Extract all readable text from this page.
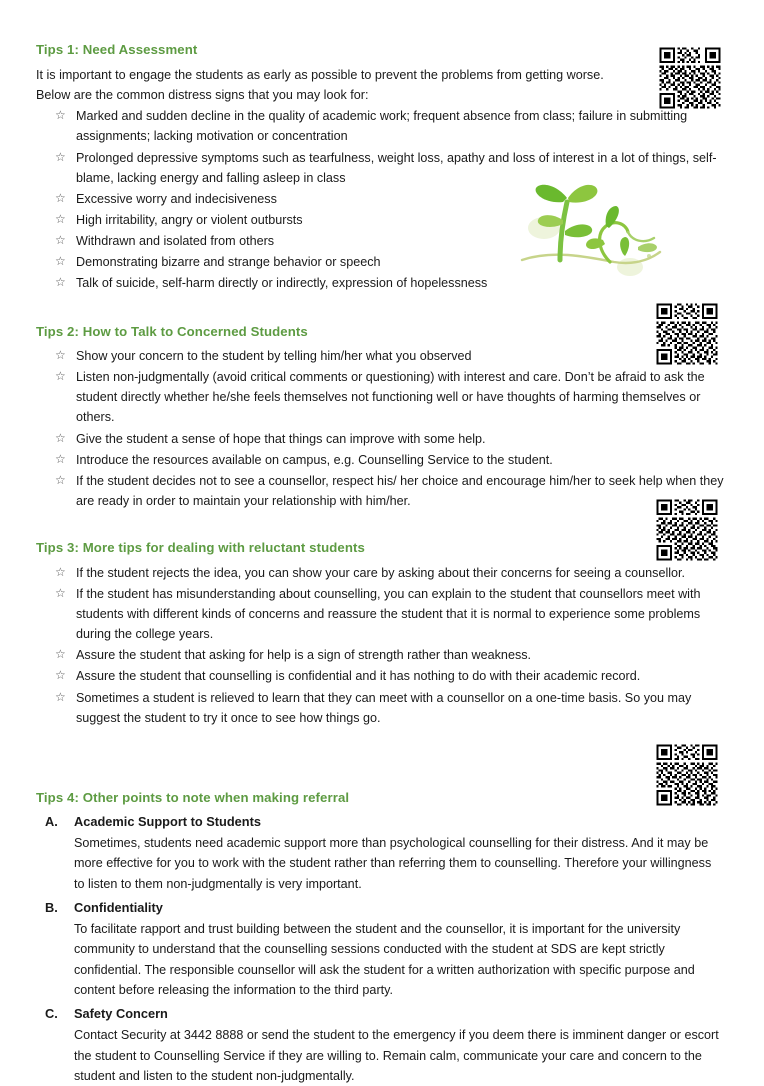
Tips 1: Need Assessment

It is important to engage the students as early as possible to prevent the problems from getting worse.

Below are the common distress signs that you may look for:

☆ Marked and sudden decline in the quality of academic work; frequent absence from class; failure in submitting assignments; lacking motivation or concentration
☆ Prolonged depressive symptoms such as tearfulness, weight loss, apathy and loss of interest in a lot of things, self-blame, lacking energy and falling asleep in class
☆ Excessive worry and indecisiveness
☆ High irritability, angry or violent outbursts
☆ Withdrawn and isolated from others
☆ Demonstrating bizarre and strange behavior or speech
☆ Talk of suicide, self-harm directly or indirectly, expression of hopelessness
Tips 2: How to Talk to Concerned Students
☆ Show your concern to the student by telling him/her what you observed
☆ Listen non-judgmentally (avoid critical comments or questioning) with interest and care. Don’t be afraid to ask the student directly whether he/she feels themselves not functioning well or have thoughts of harming themselves or others.
☆ Give the student a sense of hope that things can improve with some help.
☆ Introduce the resources available on campus, e.g. Counselling Service to the student.
☆ If the student decides not to see a counsellor, respect his/ her choice and encourage him/her to seek help when they are ready in order to maintain your relationship with him/her.
Tips 3: More tips for dealing with reluctant students
☆ If the student rejects the idea, you can show your care by asking about their concerns for seeing a counsellor.
☆ If the student has misunderstanding about counselling, you can explain to the student that counsellors meet with students with different kinds of concerns and reassure the student that it is normal to experience some problems during the college years.
☆ Assure the student that asking for help is a sign of strength rather than weakness.
☆ Assure the student that counselling is confidential and it has nothing to do with their academic record.
☆ Sometimes a student is relieved to learn that they can meet with a counsellor on a one-time basis. So you may suggest the student to try it once to see how things go.
Tips 4: Other points to note when making referral
A. Academic Support to Students

Sometimes, students need academic support more than psychological counselling for their distress. And it may be more effective for you to work with the student rather than referring them to counselling. Therefore your willingness to listen to them non-judgmentally is very important.

B. Confidentiality

To facilitate rapport and trust building between the student and the counsellor, it is important for the university community to understand that the counselling sessions conducted with the student at SDS are kept strictly confidential. The responsible counsellor will ask the student for a written authorization with specific purpose and content before releasing the information to the third party.

C. Safety Concern

Contact Security at 3442 8888 or send the student to the emergency if you deem there is imminent danger or escort the student to Counselling Service if they are willing to. Remain calm, communicate your care and concern to the student and listen to the student non-judgmentally.
